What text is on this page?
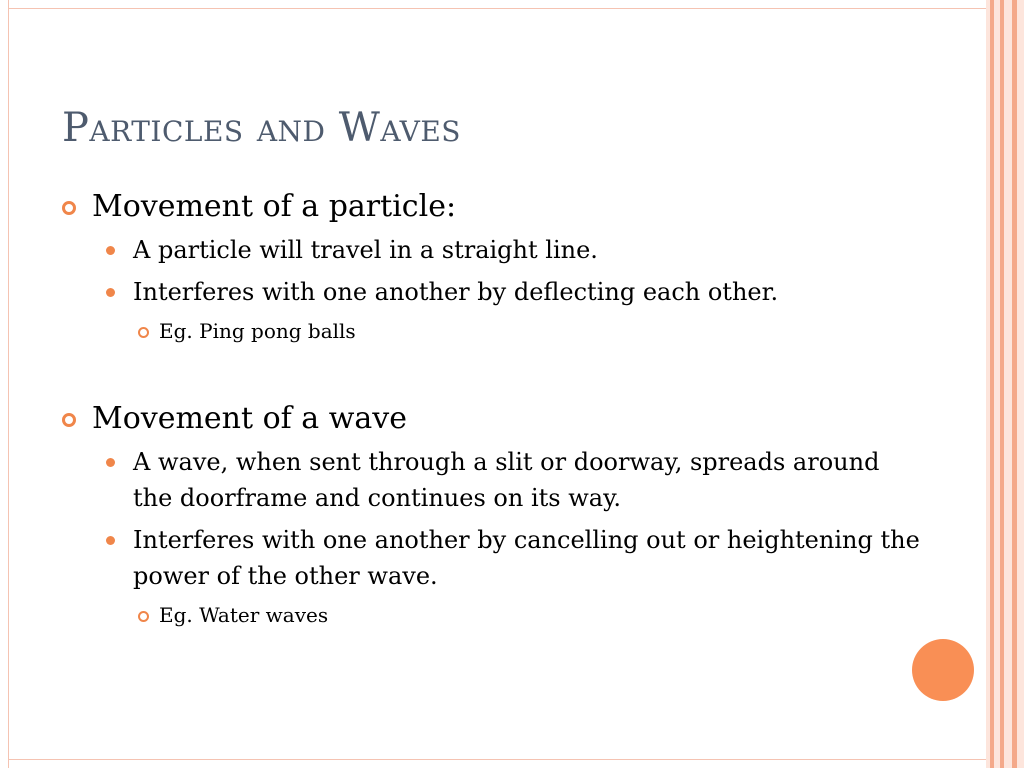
Particles and Waves
Movement of a particle:
A particle will travel in a straight line.
Interferes with one another by deflecting each other.
Eg. Ping pong balls
Movement of a wave
A wave, when sent through a slit or doorway, spreads around the doorframe and continues on its way.
Interferes with one another by cancelling out or heightening the power of the other wave.
Eg. Water waves
